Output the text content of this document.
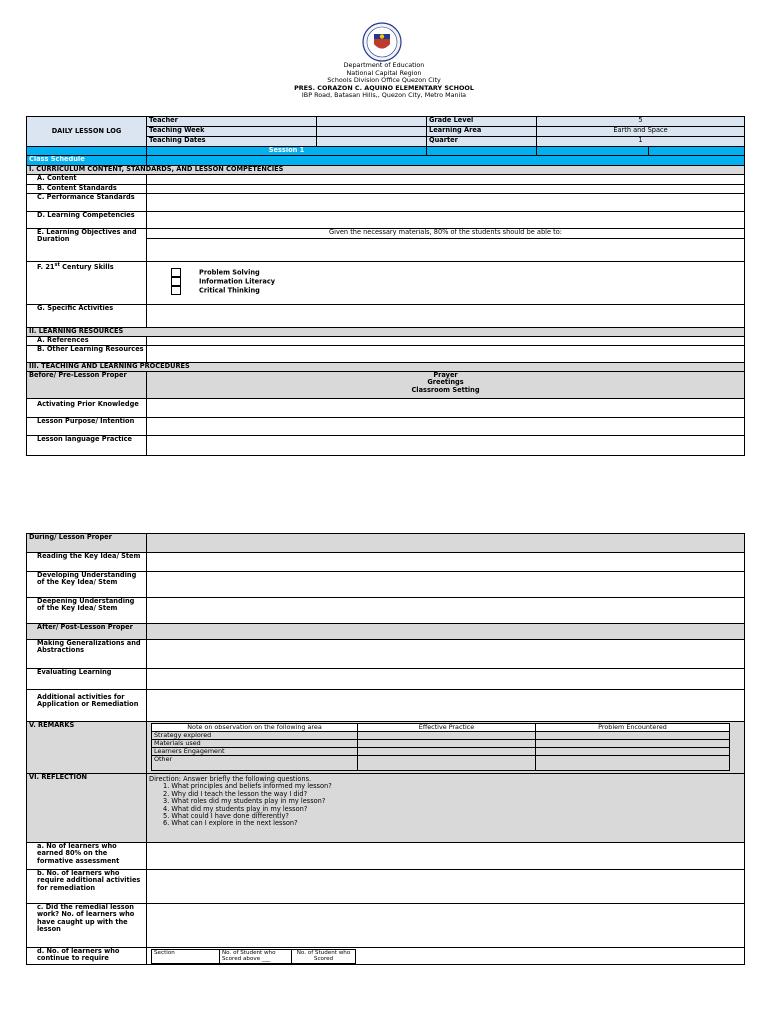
Department of Education
National Capital Region
Schools Division Office Quezon City
PRES. CORAZON C. AQUINO ELEMENTARY SCHOOL
IBP Road, Batasan Hills,, Quezon City, Metro Manila
DAILY LESSON LOG	Teacher		Grade Level	5	
	Teaching Week		Learning Area	Earth and Space	
	Teaching Dates		Quarter	1	
	Session 1				
Class Schedule					
I. CURRICULUM CONTENT, STANDARDS, AND LESSON COMPETENCIES					
A. Content					
B. Content Standards					
C. Performance Standards					
D. Learning Competencies					
E. Learning Objectives and Duration	Given the necessary materials, 80% of the students should be able to:				

F. 21st Century Skills	Problem Solving
Information Literacy
Critical Thinking				

G. Specific Activities					
II. LEARNING RESOURCES					
A. References					
B. Other Learning Resources					
III. TEACHING AND LEARNING PROCEDURES					
Before/ Pre-Lesson Proper	Prayer
Greetings
Classroom Setting				

Activating Prior Knowledge					
Lesson Purpose/ Intention					
Lesson language Practice					
During/ Lesson Proper	
Reading the Key Idea/ Stem	
Developing Understanding of the Key Idea/ Stem	
Deepening Understanding of the Key Idea/ Stem	
After/ Post-Lesson Proper	
Making Generalizations and Abstractions	
Evaluating Learning	
Additional activities for Application or Remediation	
V. REMARKS		Note on observation on the following area	Effective Practice	Problem Encountered
Strategy explored		
Materials used		
Learners Engagement		
Other		

VI. REFLECTION	Direction: Answer briefly the following questions.
1. What principles and beliefs informed my lesson?
2. Why did I teach the lesson the way I did?
3. What roles did my students play in my lesson?
4. What did my students play in my lesson?
5. What could I have done differently?
6. What can I explore in the next lesson?

a. No of learners who earned 80% on the formative assessment	
b. No. of learners who require additional activities for remediation	
c. Did the remedial lesson work? No. of learners who have caught up with the lesson	
d. No. of learners who continue to require	
Section	No. of Student who Scored above ___	No. of Student who Scored
